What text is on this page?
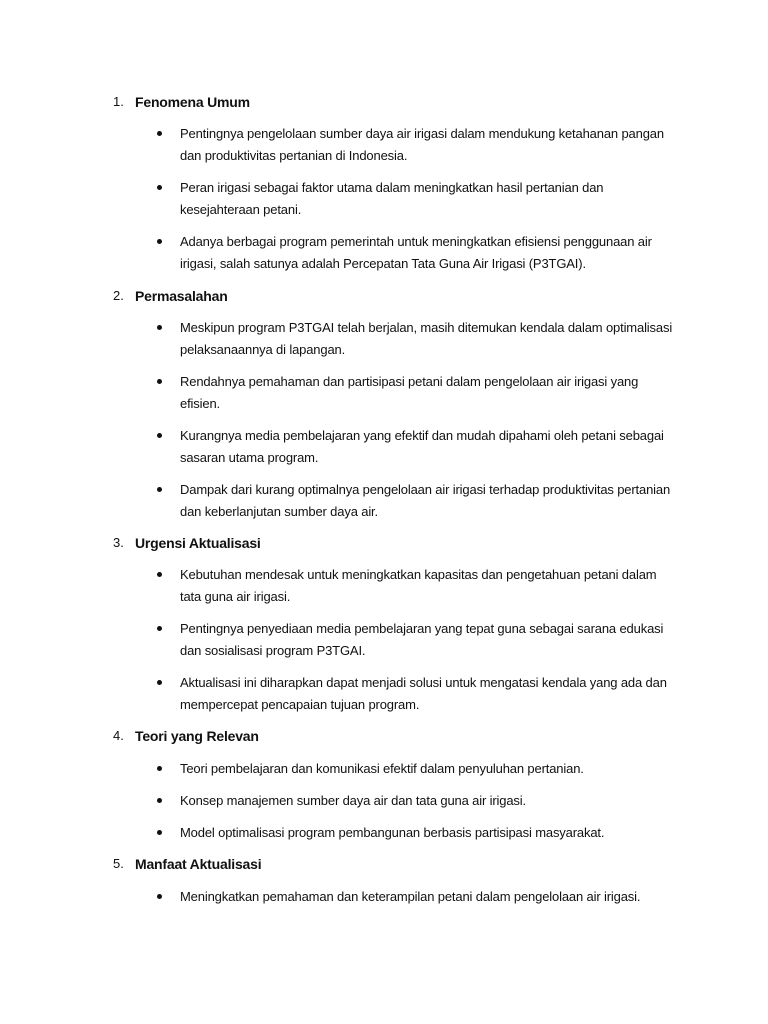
1. Fenomena Umum
Pentingnya pengelolaan sumber daya air irigasi dalam mendukung ketahanan pangan dan produktivitas pertanian di Indonesia.
Peran irigasi sebagai faktor utama dalam meningkatkan hasil pertanian dan kesejahteraan petani.
Adanya berbagai program pemerintah untuk meningkatkan efisiensi penggunaan air irigasi, salah satunya adalah Percepatan Tata Guna Air Irigasi (P3TGAI).
2. Permasalahan
Meskipun program P3TGAI telah berjalan, masih ditemukan kendala dalam optimalisasi pelaksanaannya di lapangan.
Rendahnya pemahaman dan partisipasi petani dalam pengelolaan air irigasi yang efisien.
Kurangnya media pembelajaran yang efektif dan mudah dipahami oleh petani sebagai sasaran utama program.
Dampak dari kurang optimalnya pengelolaan air irigasi terhadap produktivitas pertanian dan keberlanjutan sumber daya air.
3. Urgensi Aktualisasi
Kebutuhan mendesak untuk meningkatkan kapasitas dan pengetahuan petani dalam tata guna air irigasi.
Pentingnya penyediaan media pembelajaran yang tepat guna sebagai sarana edukasi dan sosialisasi program P3TGAI.
Aktualisasi ini diharapkan dapat menjadi solusi untuk mengatasi kendala yang ada dan mempercepat pencapaian tujuan program.
4. Teori yang Relevan
Teori pembelajaran dan komunikasi efektif dalam penyuluhan pertanian.
Konsep manajemen sumber daya air dan tata guna air irigasi.
Model optimalisasi program pembangunan berbasis partisipasi masyarakat.
5. Manfaat Aktualisasi
Meningkatkan pemahaman dan keterampilan petani dalam pengelolaan air irigasi.
